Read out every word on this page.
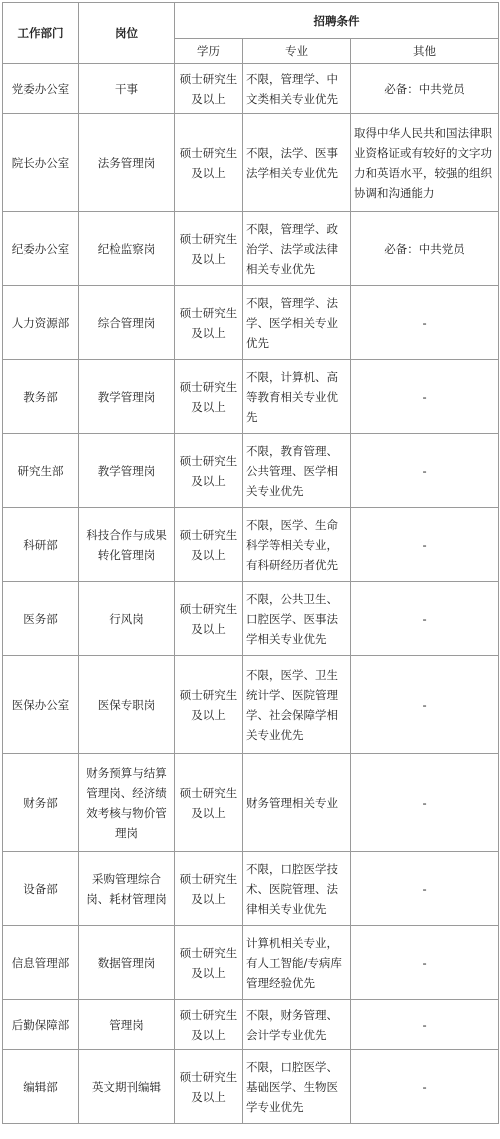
工作部门	岗位	招聘条件		
		学历	专业	其他
党委办公室	干事	硕士研究生及以上	不限，管理学、中文类相关专业优先	必备：中共党员
院长办公室	法务管理岗	硕士研究生及以上	不限，法学、医事法学相关专业优先	取得中华人民共和国法律职业资格证或有较好的文字功力和英语水平，较强的组织协调和沟通能力
纪委办公室	纪检监察岗	硕士研究生及以上	不限，管理学、政治学、法学或法律相关专业优先	必备：中共党员
人力资源部	综合管理岗	硕士研究生及以上	不限，管理学、法学、医学相关专业优先	-
教务部	教学管理岗	硕士研究生及以上	不限，计算机、高等教育相关专业优先	-
研究生部	教学管理岗	硕士研究生及以上	不限，教育管理、公共管理、医学相关专业优先	-
科研部	科技合作与成果转化管理岗	硕士研究生及以上	不限，医学、生命科学等相关专业，有科研经历者优先	-
医务部	行风岗	硕士研究生及以上	不限，公共卫生、口腔医学、医事法学相关专业优先	-
医保办公室	医保专职岗	硕士研究生及以上	不限，医学、卫生统计学、医院管理学、社会保障学相关专业优先	-
财务部	财务预算与结算管理岗、经济绩效考核与物价管理岗	硕士研究生及以上	财务管理相关专业	-
设备部	采购管理综合岗、耗材管理岗	硕士研究生及以上	不限，口腔医学技术、医院管理、法律相关专业优先	-
信息管理部	数据管理岗	硕士研究生及以上	计算机相关专业，有人工智能/专病库管理经验优先	-
后勤保障部	管理岗	硕士研究生及以上	不限，财务管理、会计学专业优先	-
编辑部	英文期刊编辑	硕士研究生及以上	不限，口腔医学、基础医学、生物医学专业优先	-
